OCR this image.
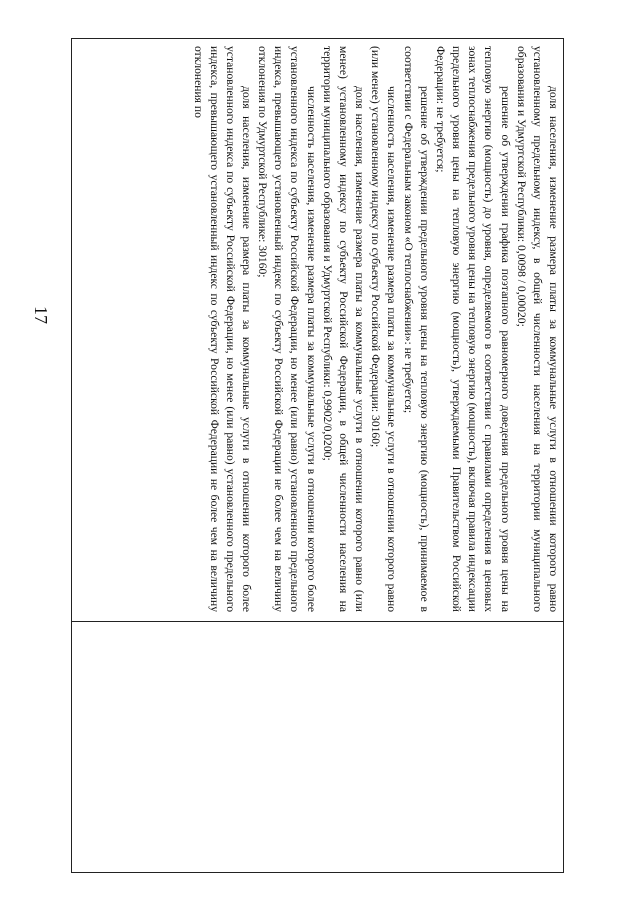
17	доля населения, изменение размера платы за коммунальные услуги в отношении которого равно установленному предельному индексу, в общей численности населения на территории муниципального образования и Удмуртской Республики: 0,0098 / 0,00020;

решение об утверждении графика поэтапного равномерного доведения предельного уровня цены на тепловую энергию (мощность) до уровня, определяемого в соответствии с правилами определения в ценовых зонах теплоснабжения предельного уровня цены на тепловую энергию (мощность), включая правила индексации предельного уровня цены на тепловую энергию (мощность), утверждаемыми Правительством Российской Федерации: не требуется;

решение об утверждении предельного уровня цены на тепловую энергию (мощность), принимаемое в соответствии с Федеральным законом «О теплоснабжении»: не требуется;

численность населения, изменение размера платы за коммунальные услуги в отношении которого равно (или менее) установленному индексу по субъекту Российской Федерации: 30160;

доля населения, изменение размера платы за коммунальные услуги в отношении которого равно (или менее) установленному индексу по субъекту Российской Федерации, в общей численности населения на территории муниципального образования и Удмуртской Республики: 0,9902/0,0200;

численность населения, изменение размера платы за коммунальные услуги в отношении которого более установленного индекса по субъекту Российской Федерации, но менее (или равно) установленного предельного индекса, превышающего установленный индекс по субъекту Российской Федерации не более чем на величину отклонения по Удмуртской Республике: 30160;

доля населения, изменение размера платы за коммунальные услуги в отношении которого более установленного индекса по субъекту Российской Федерации, но менее (или равно) установленного предельного индекса, превышающего установленный индекс по субъекту Российской Федерации не более чем на величину отклонения по
